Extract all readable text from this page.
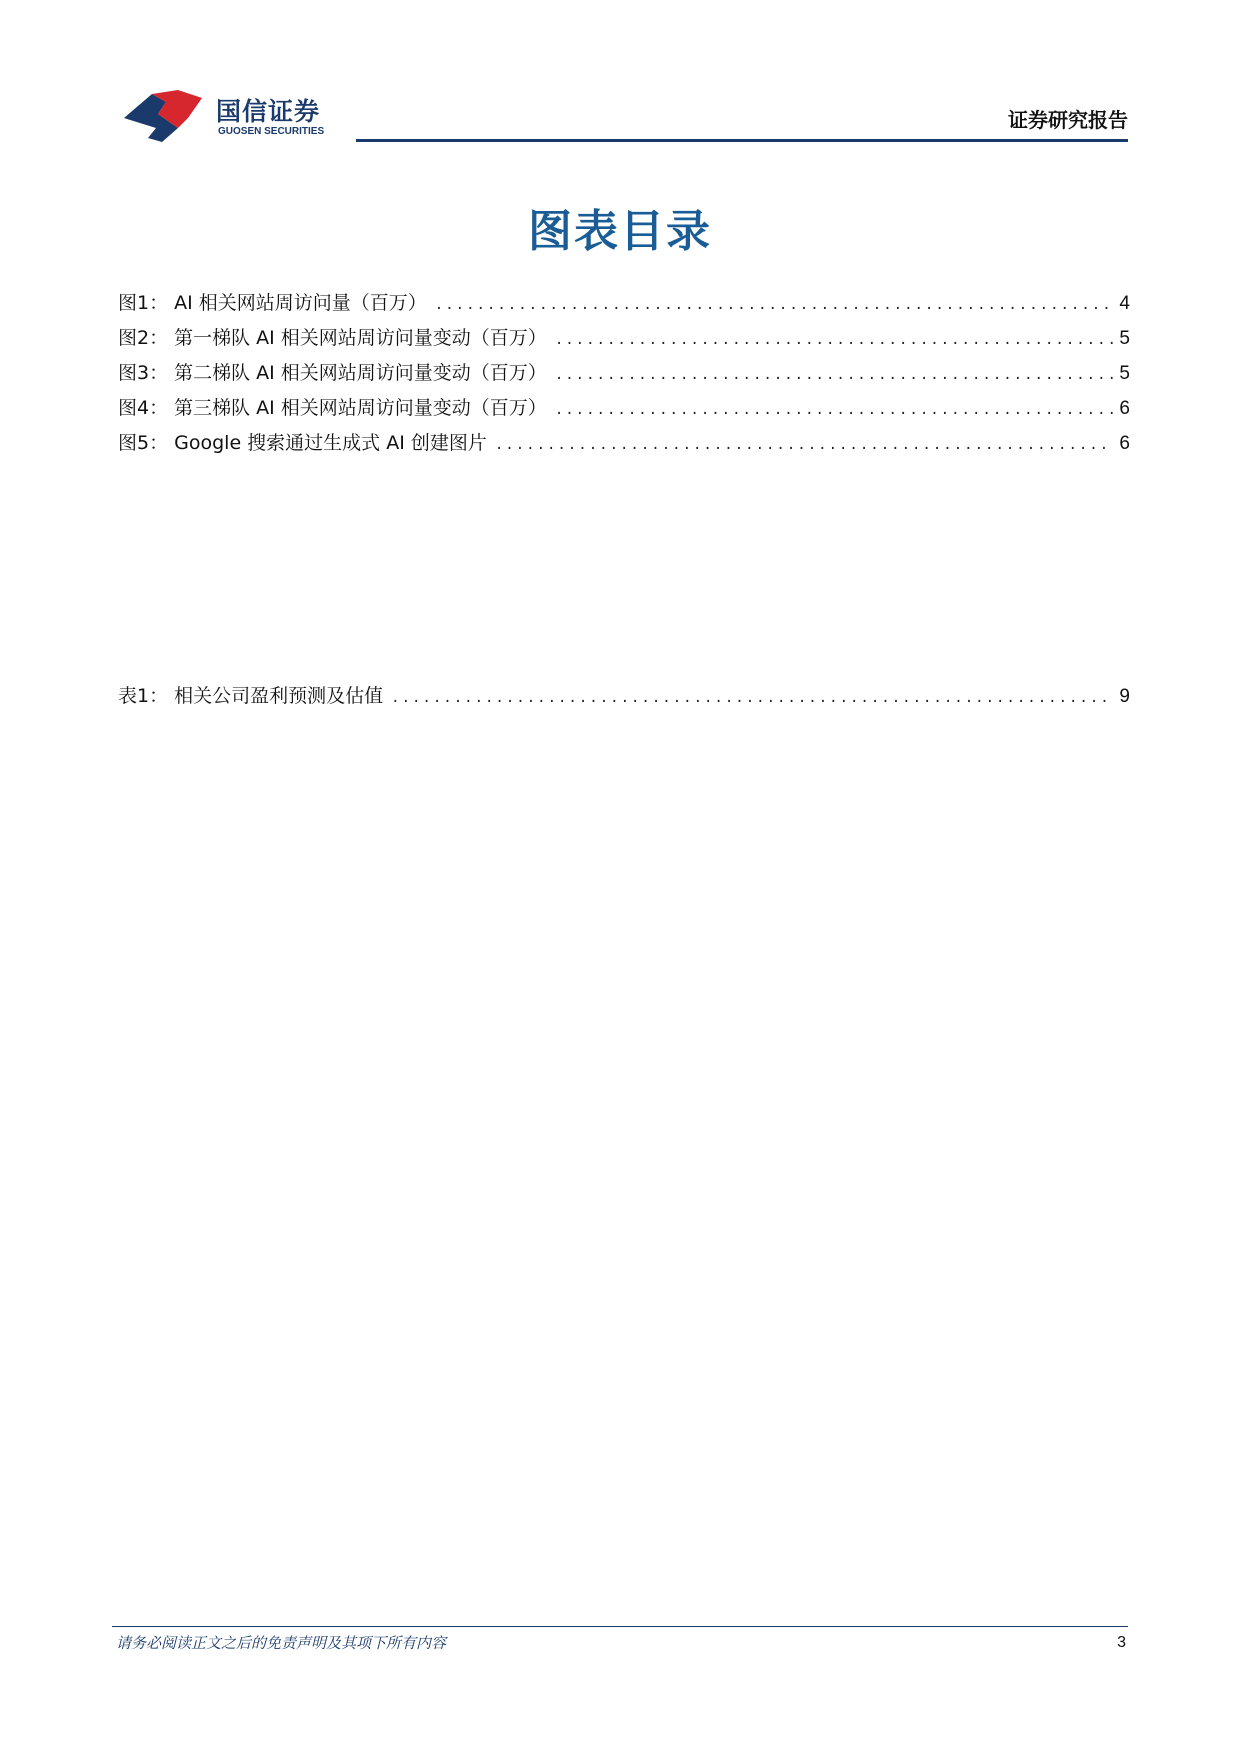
国信证券
GUOSEN SECURITIES	证券研究报告
图表目录
图1： AI 相关网站周访问量（百万） .....	4
图2： 第一梯队 AI 相关网站周访问量变动（百万） .....	5
图3： 第二梯队 AI 相关网站周访问量变动（百万） .....	5
图4： 第三梯队 AI 相关网站周访问量变动（百万） .....	6
图5： Google 搜索通过生成式 AI 创建图片 .....	6
表1： 相关公司盈利预测及估值 .....	9
请务必阅读正文之后的免责声明及其项下所有内容	3
